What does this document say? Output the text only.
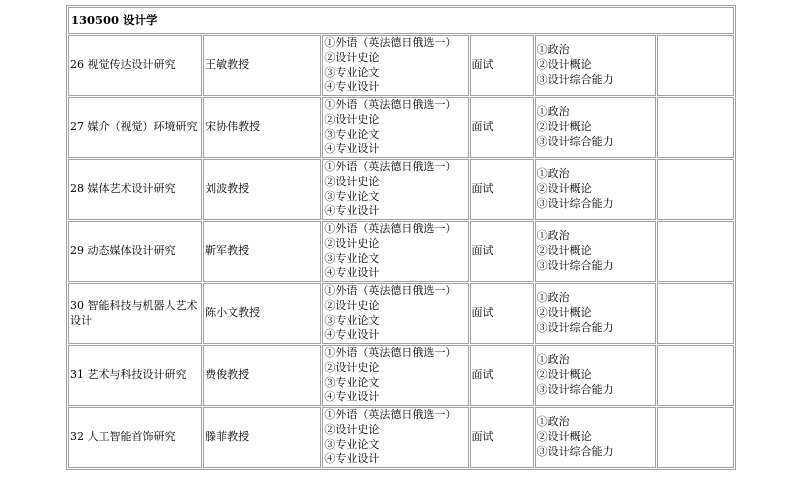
130500 设计学					
26 视觉传达设计研究	王敏教授	①外语（英法德日俄选一）
②设计史论
③专业论文
④专业设计	面试	①政治
②设计概论
③设计综合能力	

27 媒介（视觉）环境研究	宋协伟教授	①外语（英法德日俄选一）
②设计史论
③专业论文
④专业设计	面试	①政治
②设计概论
③设计综合能力	

28 媒体艺术设计研究	刘波教授	①外语（英法德日俄选一）
②设计史论
③专业论文
④专业设计	面试	①政治
②设计概论
③设计综合能力	

29 动态媒体设计研究	靳军教授	①外语（英法德日俄选一）
②设计史论
③专业论文
④专业设计	面试	①政治
②设计概论
③设计综合能力	

30 智能科技与机器人艺术设计	陈小文教授	①外语（英法德日俄选一）
②设计史论
③专业论文
④专业设计	面试	①政治
②设计概论
③设计综合能力	

31 艺术与科技设计研究	费俊教授	①外语（英法德日俄选一）
②设计史论
③专业论文
④专业设计	面试	①政治
②设计概论
③设计综合能力	

32 人工智能首饰研究	滕菲教授	①外语（英法德日俄选一）
②设计史论
③专业论文
④专业设计	面试	①政治
②设计概论
③设计综合能力	
